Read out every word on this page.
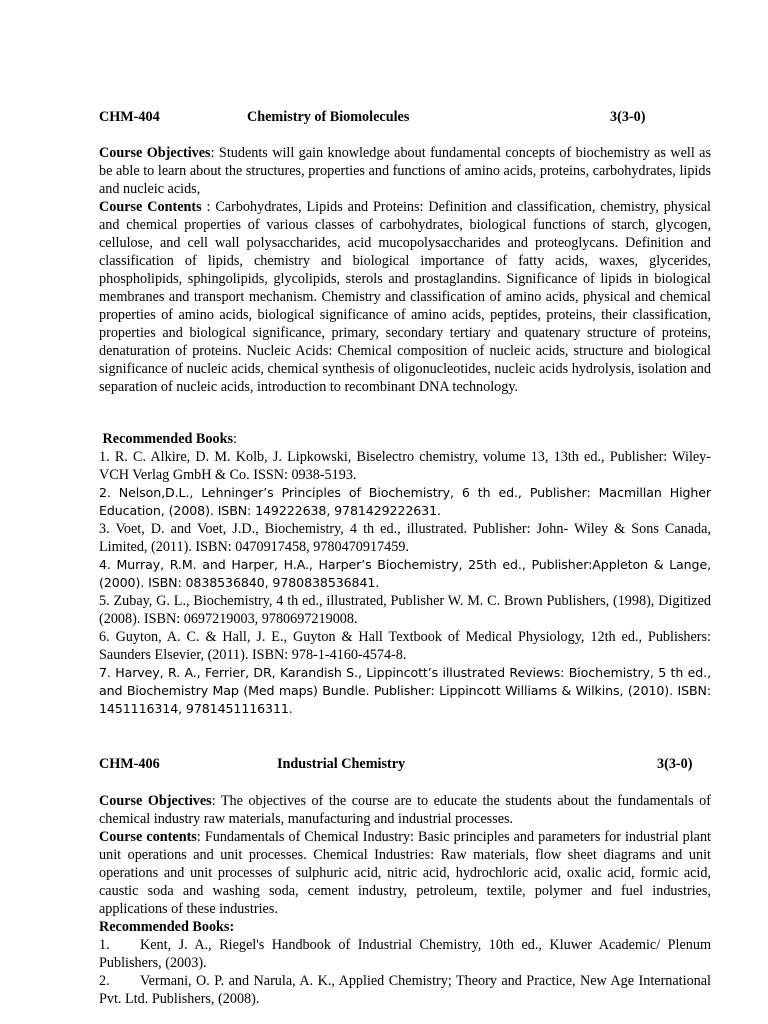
CHM-404	Chemistry of Biomolecules	3(3-0)

Course Objectives: Students will gain knowledge about fundamental concepts of biochemistry as well as be able to learn about the structures, properties and functions of amino acids, proteins, carbohydrates, lipids and nucleic acids,

Course Contents : Carbohydrates, Lipids and Proteins: Definition and classification, chemistry, physical and chemical properties of various classes of carbohydrates, biological functions of starch, glycogen, cellulose, and cell wall polysaccharides, acid mucopolysaccharides and proteoglycans. Definition and classification of lipids, chemistry and biological importance of fatty acids, waxes, glycerides, phospholipids, sphingolipids, glycolipids, sterols and prostaglandins. Significance of lipids in biological membranes and transport mechanism. Chemistry and classification of amino acids, physical and chemical properties of amino acids, biological significance of amino acids, peptides, proteins, their classification, properties and biological significance, primary, secondary tertiary and quatenary structure of proteins, denaturation of proteins. Nucleic Acids: Chemical composition of nucleic acids, structure and biological significance of nucleic acids, chemical synthesis of oligonucleotides, nucleic acids hydrolysis, isolation and separation of nucleic acids, introduction to recombinant DNA technology.

Recommended Books:

1. R. C. Alkire, D. M. Kolb, J. Lipkowski, Biselectro chemistry, volume 13, 13th ed., Publisher: Wiley-VCH Verlag GmbH & Co. ISSN: 0938-5193.
2. Nelson,D.L., Lehninger’s Principles of Biochemistry, 6 th ed., Publisher: Macmillan Higher Education, (2008). ISBN: 149222638, 9781429222631.
3. Voet, D. and Voet, J.D., Biochemistry, 4 th ed., illustrated. Publisher: John- Wiley & Sons Canada, Limited, (2011). ISBN: 0470917458, 9780470917459.
4. Murray, R.M. and Harper, H.A., Harper’s Biochemistry, 25th ed., Publisher:Appleton & Lange, (2000). ISBN: 0838536840, 9780838536841.
5. Zubay, G. L., Biochemistry, 4 th ed., illustrated, Publisher W. M. C. Brown Publishers, (1998), Digitized (2008). ISBN: 0697219003, 9780697219008.
6. Guyton, A. C. & Hall, J. E., Guyton & Hall Textbook of Medical Physiology, 12th ed., Publishers: Saunders Elsevier, (2011). ISBN: 978-1-4160-4574-8.
7. Harvey, R. A., Ferrier, DR, Karandish S., Lippincott’s illustrated Reviews: Biochemistry, 5 th ed., and Biochemistry Map (Med maps) Bundle. Publisher: Lippincott Williams & Wilkins, (2010). ISBN: 1451116314, 9781451116311.
CHM-406	Industrial Chemistry	3(3-0)

Course Objectives: The objectives of the course are to educate the students about the fundamentals of chemical industry raw materials, manufacturing and industrial processes.

Course contents: Fundamentals of Chemical Industry: Basic principles and parameters for industrial plant unit operations and unit processes. Chemical Industries: Raw materials, flow sheet diagrams and unit operations and unit processes of sulphuric acid, nitric acid, hydrochloric acid, oxalic acid, formic acid, caustic soda and washing soda, cement industry, petroleum, textile, polymer and fuel industries, applications of these industries.

Recommended Books:

1. Kent, J. A., Riegel's Handbook of Industrial Chemistry, 10th ed., Kluwer Academic/ Plenum Publishers, (2003).
2. Vermani, O. P. and Narula, A. K., Applied Chemistry; Theory and Practice, New Age International Pvt. Ltd. Publishers, (2008).
